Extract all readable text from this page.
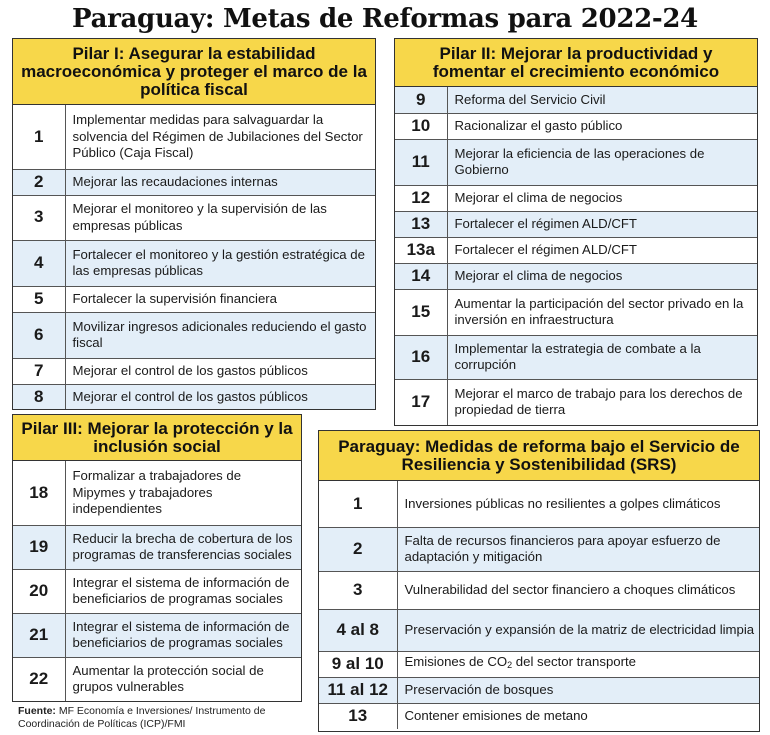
Paraguay: Metas de Reformas para 2022-24
Pilar I: Asegurar la estabilidad macroeconómica y proteger el marco de la política fiscal
1	Implementar medidas para salvaguardar la solvencia del Régimen de Jubilaciones del Sector Público (Caja Fiscal)
2	Mejorar las recaudaciones internas
3	Mejorar el monitoreo y la supervisión de las empresas públicas
4	Fortalecer el monitoreo y la gestión estratégica de las empresas públicas
5	Fortalecer la supervisión financiera
6	Movilizar ingresos adicionales reduciendo el gasto fiscal
7	Mejorar el control de los gastos públicos
8	Mejorar el control de los gastos públicos
Pilar II: Mejorar la productividad y fomentar el crecimiento económico
9	Reforma del Servicio Civil
10	Racionalizar el gasto público
11	Mejorar la eficiencia de las operaciones de Gobierno
12	Mejorar el clima de negocios
13	Fortalecer el régimen ALD/CFT
13a	Fortalecer el régimen ALD/CFT
14	Mejorar el clima de negocios
15	Aumentar la participación del sector privado en la inversión en infraestructura
16	Implementar la estrategia de combate a la corrupción
17	Mejorar el marco de trabajo para los derechos de propiedad de tierra
Pilar III: Mejorar la protección y la inclusión social
18	Formalizar a trabajadores de Mipymes y trabajadores independientes
19	Reducir la brecha de cobertura de los programas de transferencias sociales
20	Integrar el sistema de información de beneficiarios de programas sociales
21	Integrar el sistema de información de beneficiarios de programas sociales
22	Aumentar la protección social de grupos vulnerables
Paraguay: Medidas de reforma bajo el Servicio de Resiliencia y Sostenibilidad (SRS)
1	Inversiones públicas no resilientes a golpes climáticos
2	Falta de recursos financieros para apoyar esfuerzo de adaptación y mitigación
3	Vulnerabilidad del sector financiero a choques climáticos
4 al 8	Preservación y expansión de la matriz de electricidad limpia
9 al 10	Emisiones de $CO_2$ del sector transporte
11 al 12	Preservación de bosques
13	Contener emisiones de metano
Fuente: MF Economía e Inversiones/ Instrumento de Coordinación de Políticas (ICP)/FMI
